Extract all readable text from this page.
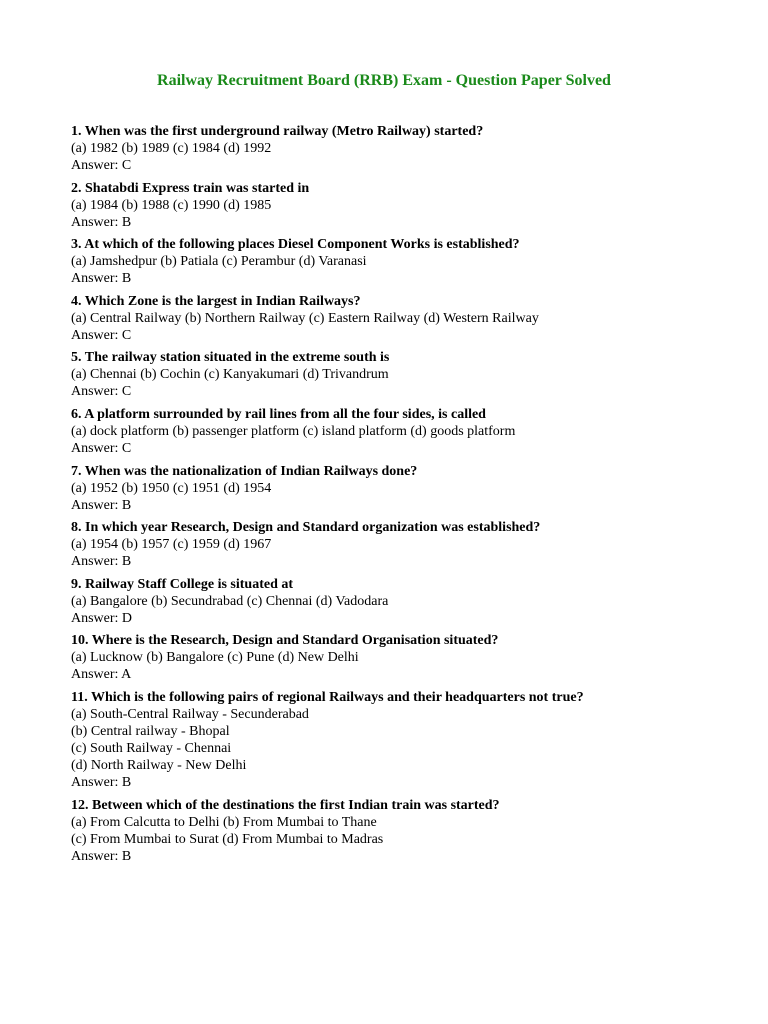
Railway Recruitment Board (RRB) Exam - Question Paper Solved
1. When was the first underground railway (Metro Railway) started?
(a) 1982 (b) 1989 (c) 1984 (d) 1992
Answer: C
2. Shatabdi Express train was started in
(a) 1984 (b) 1988 (c) 1990 (d) 1985
Answer: B
3. At which of the following places Diesel Component Works is established?
(a) Jamshedpur (b) Patiala (c) Perambur (d) Varanasi
Answer: B
4. Which Zone is the largest in Indian Railways?
(a) Central Railway (b) Northern Railway (c) Eastern Railway (d) Western Railway
Answer: C
5. The railway station situated in the extreme south is
(a) Chennai (b) Cochin (c) Kanyakumari (d) Trivandrum
Answer: C
6. A platform surrounded by rail lines from all the four sides, is called
(a) dock platform (b) passenger platform (c) island platform (d) goods platform
Answer: C
7. When was the nationalization of Indian Railways done?
(a) 1952 (b) 1950 (c) 1951 (d) 1954
Answer: B
8. In which year Research, Design and Standard organization was established?
(a) 1954 (b) 1957 (c) 1959 (d) 1967
Answer: B
9. Railway Staff College is situated at
(a) Bangalore (b) Secundrabad (c) Chennai (d) Vadodara
Answer: D
10. Where is the Research, Design and Standard Organisation situated?
(a) Lucknow (b) Bangalore (c) Pune (d) New Delhi
Answer: A
11. Which is the following pairs of regional Railways and their headquarters not true?
(a) South-Central Railway - Secunderabad
(b) Central railway - Bhopal
(c) South Railway - Chennai
(d) North Railway - New Delhi
Answer: B
12. Between which of the destinations the first Indian train was started?
(a) From Calcutta to Delhi (b) From Mumbai to Thane
(c) From Mumbai to Surat (d) From Mumbai to Madras
Answer: B
